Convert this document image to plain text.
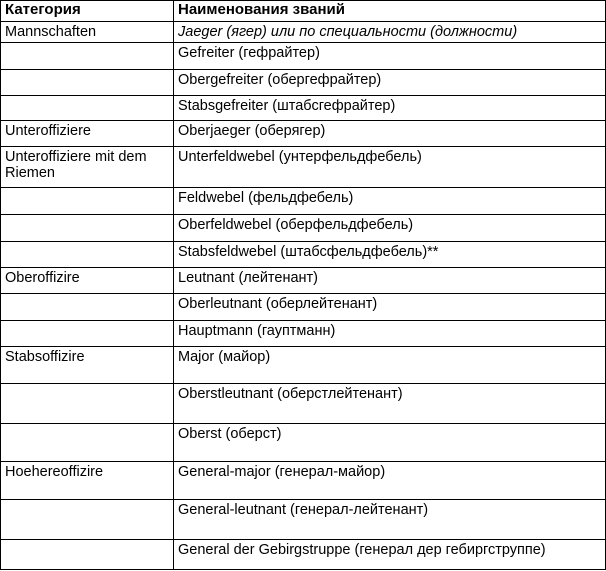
Категория	Наименования званий
Mannschaften	Jaeger (ягер) или по специальности (должности)
	Gefreiter (гефрайтер)
	Obergefreiter (обергефрайтер)
	Stabsgefreiter (штабсгефрайтер)
Unteroffiziere	Oberjaeger (оберягер)
Unteroffiziere mit dem Riemen	Unterfeldwebel (унтерфельдфебель)
	Feldwebel (фельдфебель)
	Oberfeldwebel (оберфельдфебель)
	Stabsfeldwebel (штабсфельдфебель)**
Oberoffizire	Leutnant (лейтенант)
	Oberleutnant (оберлейтенант)
	Hauptmann (гауптманн)
Stabsoffizire	Major (майор)
	Oberstleutnant (оберстлейтенант)
	Oberst (оберст)
Hoehereoffizire	General-major (генерал-майор)
	General-leutnant (генерал-лейтенант)
	General der Gebirgstruppe (генерал дер гебиргструппе)
